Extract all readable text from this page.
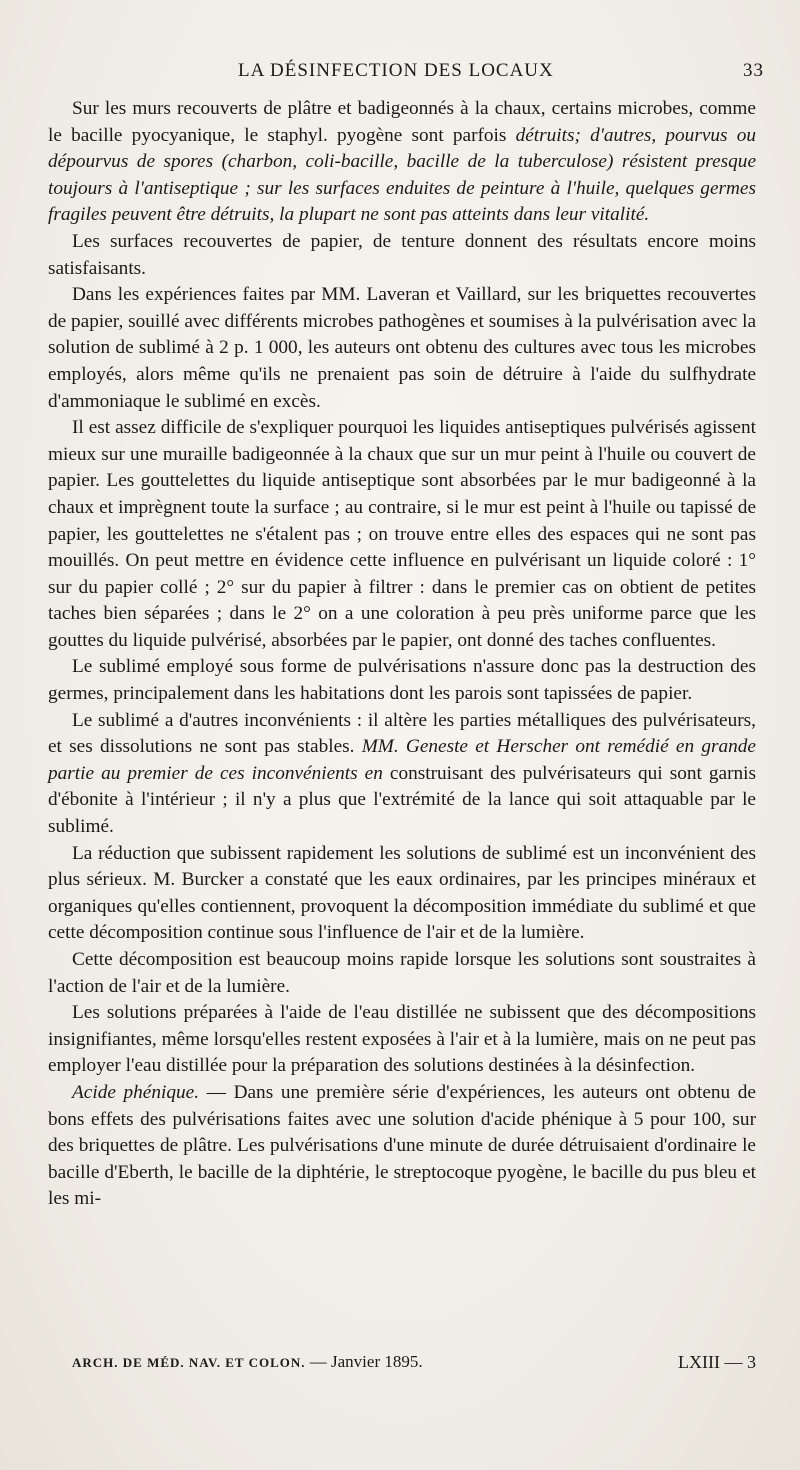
LA DÉSINFECTION DES LOCAUX	33

Sur les murs recouverts de plâtre et badigeonnés à la chaux, certains microbes, comme le bacille pyocyanique, le staphyl. pyogène sont parfois détruits; d'autres, pourvus ou dépourvus de spores (charbon, coli-bacille, bacille de la tuberculose) résistent presque toujours à l'antiseptique ; sur les surfaces enduites de peinture à l'huile, quelques germes fragiles peuvent être détruits, la plupart ne sont pas atteints dans leur vitalité.

Les surfaces recouvertes de papier, de tenture donnent des résultats encore moins satisfaisants.

Dans les expériences faites par MM. Laveran et Vaillard, sur les briquettes recouvertes de papier, souillé avec différents microbes pathogènes et soumises à la pulvérisation avec la solution de sublimé à 2 p. 1 000, les auteurs ont obtenu des cultures avec tous les microbes employés, alors même qu'ils ne prenaient pas soin de détruire à l'aide du sulfhydrate d'ammoniaque le sublimé en excès.

Il est assez difficile de s'expliquer pourquoi les liquides antiseptiques pulvérisés agissent mieux sur une muraille badigeonnée à la chaux que sur un mur peint à l'huile ou couvert de papier. Les gouttelettes du liquide antiseptique sont absorbées par le mur badigeonné à la chaux et imprègnent toute la surface ; au contraire, si le mur est peint à l'huile ou tapissé de papier, les gouttelettes ne s'étalent pas ; on trouve entre elles des espaces qui ne sont pas mouillés. On peut mettre en évidence cette influence en pulvérisant un liquide coloré : 1° sur du papier collé ; 2° sur du papier à filtrer : dans le premier cas on obtient de petites taches bien séparées ; dans le 2° on a une coloration à peu près uniforme parce que les gouttes du liquide pulvérisé, absorbées par le papier, ont donné des taches confluentes.

Le sublimé employé sous forme de pulvérisations n'assure donc pas la destruction des germes, principalement dans les habitations dont les parois sont tapissées de papier.

Le sublimé a d'autres inconvénients : il altère les parties métalliques des pulvérisateurs, et ses dissolutions ne sont pas stables. MM. Geneste et Herscher ont remédié en grande partie au premier de ces inconvénients en construisant des pulvérisateurs qui sont garnis d'ébonite à l'intérieur ; il n'y a plus que l'extrémité de la lance qui soit attaquable par le sublimé.

La réduction que subissent rapidement les solutions de sublimé est un inconvénient des plus sérieux. M. Burcker a constaté que les eaux ordinaires, par les principes minéraux et organiques qu'elles contiennent, provoquent la décomposition immédiate du sublimé et que cette décomposition continue sous l'influence de l'air et de la lumière.

Cette décomposition est beaucoup moins rapide lorsque les solutions sont soustraites à l'action de l'air et de la lumière.

Les solutions préparées à l'aide de l'eau distillée ne subissent que des décompositions insignifiantes, même lorsqu'elles restent exposées à l'air et à la lumière, mais on ne peut pas employer l'eau distillée pour la préparation des solutions destinées à la désinfection.

Acide phénique. — Dans une première série d'expériences, les auteurs ont obtenu de bons effets des pulvérisations faites avec une solution d'acide phénique à 5 pour 100, sur des briquettes de plâtre. Les pulvérisations d'une minute de durée détruisaient d'ordinaire le bacille d'Eberth, le bacille de la diphtérie, le streptocoque pyogène, le bacille du pus bleu et les mi-

ARCH. DE MÉD. NAV. ET COLON. — Janvier 1895.	LXIII — 3
